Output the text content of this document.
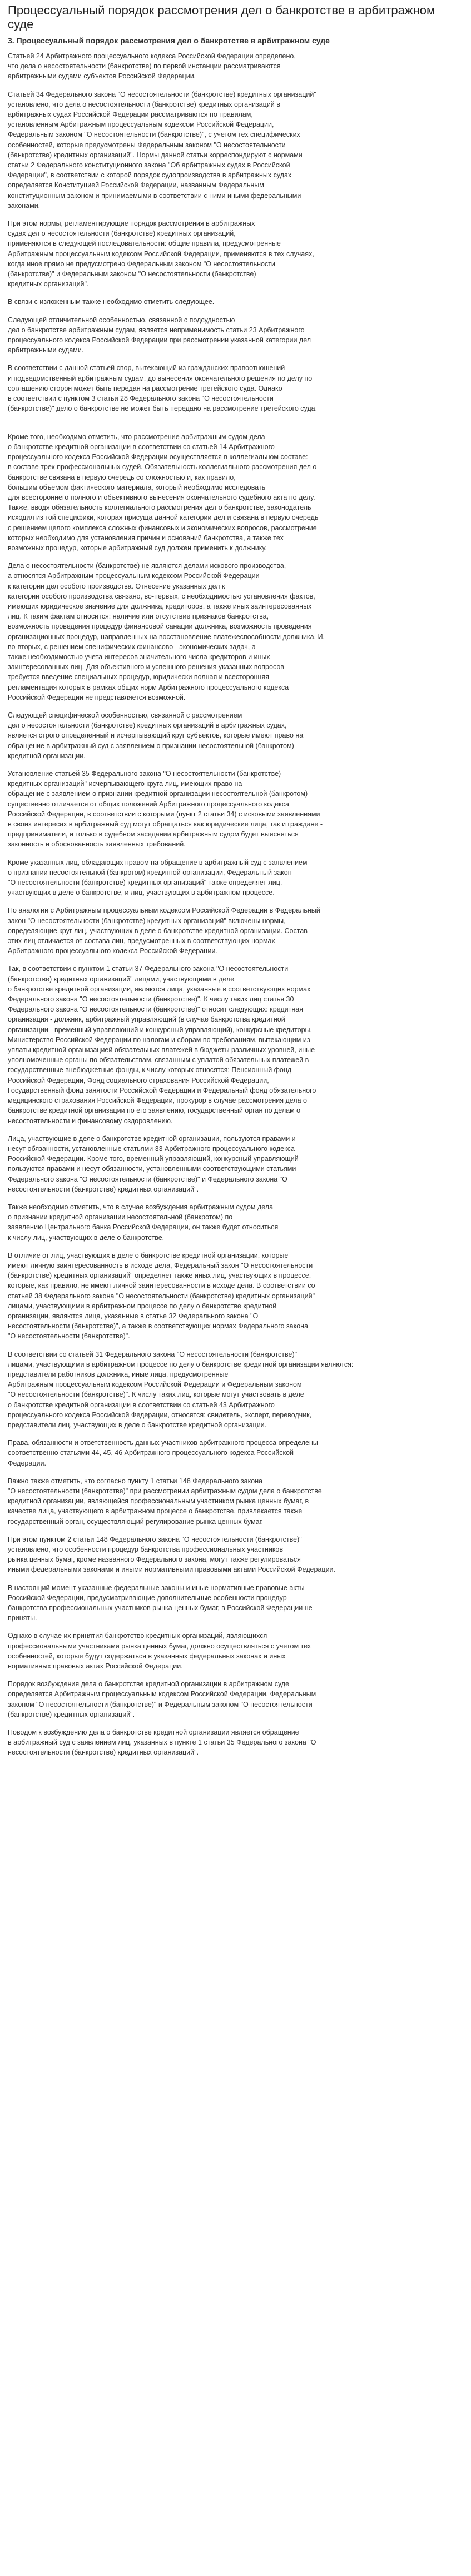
Процессуальный порядок рассмотрения дел о банкротстве в арбитражном суде
3. Процессуальный порядок рассмотрения дел о банкротстве в арбитражном суде

Статьей 24 Арбитражного процессуального кодекса Российской Федерации определено,
что дела о несостоятельности (банкротстве) по первой инстанции рассматриваются
арбитражными судами субъектов Российской Федерации.

Статьей 34 Федерального закона "О несостоятельности (банкротстве) кредитных организаций"
установлено, что дела о несостоятельности (банкротстве) кредитных организаций в
арбитражных судах Российской Федерации рассматриваются по правилам,
установленным Арбитражным процессуальным кодексом Российской Федерации,
Федеральным законом "О несостоятельности (банкротстве)", с учетом тех специфических
особенностей, которые предусмотрены Федеральным законом "О несостоятельности
(банкротстве) кредитных организаций". Нормы данной статьи корреспондируют с нормами
статьи 2 Федерального конституционного закона "Об арбитражных судах в Российской
Федерации", в соответствии с которой порядок судопроизводства в арбитражных судах
определяется Конституцией Российской Федерации, названным Федеральным
конституционным законом и принимаемыми в соответствии с ними иными федеральными
законами.

При этом нормы, регламентирующие порядок рассмотрения в арбитражных
судах дел о несостоятельности (банкротстве) кредитных организаций,
применяются в следующей последовательности: общие правила, предусмотренные
Арбитражным процессуальным кодексом Российской Федерации, применяются в тех случаях,
когда иное прямо не предусмотрено Федеральным законом "О несостоятельности
(банкротстве)" и Федеральным законом "О несостоятельности (банкротстве)
кредитных организаций".

В связи с изложенным также необходимо отметить следующее.

Следующей отличительной особенностью, связанной с подсудностью
дел о банкротстве арбитражным судам, является неприменимость статьи 23 Арбитражного
процессуального кодекса Российской Федерации при рассмотрении указанной категории дел
арбитражными судами.

В соответствии с данной статьей спор, вытекающий из гражданских правоотношений
и подведомственный арбитражным судам, до вынесения окончательного решения по делу по
соглашению сторон может быть передан на рассмотрение третейского суда. Однако
в соответствии с пунктом 3 статьи 28 Федерального закона "О несостоятельности
(банкротстве)" дело о банкротстве не может быть передано на рассмотрение третейского суда.

Кроме того, необходимо отметить, что рассмотрение арбитражным судом дела
о банкротстве кредитной организации в соответствии со статьей 14 Арбитражного
процессуального кодекса Российской Федерации осуществляется в коллегиальном составе:
в составе трех профессиональных судей. Обязательность коллегиального рассмотрения дел о
банкротстве связана в первую очередь со сложностью и, как правило,
большим объемом фактического материала, который необходимо исследовать
для всестороннего полного и объективного вынесения окончательного судебного акта по делу.
Также, вводя обязательность коллегиального рассмотрения дел о банкротстве, законодатель
исходил из той специфики, которая присуща данной категории дел и связана в первую очередь
с решением целого комплекса сложных финансовых и экономических вопросов, рассмотрение
которых необходимо для установления причин и оснований банкротства, а также тех
возможных процедур, которые арбитражный суд должен применить к должнику.

Дела о несостоятельности (банкротстве) не являются делами искового производства,
а относятся Арбитражным процессуальным кодексом Российской Федерации
к категории дел особого производства. Отнесение указанных дел к
категории особого производства связано, во-первых, с необходимостью установления фактов,
имеющих юридическое значение для должника, кредиторов, а также иных заинтересованных
лиц. К таким фактам относится: наличие или отсутствие признаков банкротства,
возможность проведения процедур финансовой санации должника, возможность проведения
организационных процедур, направленных на восстановление платежеспособности должника. И,
во-вторых, с решением специфических финансово - экономических задач, а
также необходимостью учета интересов значительного числа кредиторов и иных
заинтересованных лиц. Для объективного и успешного решения указанных вопросов
требуется введение специальных процедур, юридически полная и всесторонняя
регламентация которых в рамках общих норм Арбитражного процессуального кодекса
Российской Федерации не представляется возможной.

Следующей специфической особенностью, связанной с рассмотрением
дел о несостоятельности (банкротстве) кредитных организаций в арбитражных судах,
является строго определенный и исчерпывающий круг субъектов, которые имеют право на
обращение в арбитражный суд с заявлением о признании несостоятельной (банкротом)
кредитной организации.

Установление статьей 35 Федерального закона "О несостоятельности (банкротстве)
кредитных организаций" исчерпывающего круга лиц, имеющих право на
обращение с заявлением о признании кредитной организации несостоятельной (банкротом)
существенно отличается от общих положений Арбитражного процессуального кодекса
Российской Федерации, в соответствии с которыми (пункт 2 статьи 34) с исковыми заявлениями
в своих интересах в арбитражный суд могут обращаться как юридические лица, так и граждане -
предприниматели, и только в судебном заседании арбитражным судом будет выясняться
законность и обоснованность заявленных требований.

Кроме указанных лиц, обладающих правом на обращение в арбитражный суд с заявлением
о признании несостоятельной (банкротом) кредитной организации, Федеральный закон
"О несостоятельности (банкротстве) кредитных организаций" также определяет лиц,
участвующих в деле о банкротстве, и лиц, участвующих в арбитражном процессе.

По аналогии с Арбитражным процессуальным кодексом Российской Федерации в Федеральный
закон "О несостоятельности (банкротстве) кредитных организаций" включены нормы,
определяющие круг лиц, участвующих в деле о банкротстве кредитной организации. Состав
этих лиц отличается от состава лиц, предусмотренных в соответствующих нормах
Арбитражного процессуального кодекса Российской Федерации.

Так, в соответствии с пунктом 1 статьи 37 Федерального закона "О несостоятельности
(банкротстве) кредитных организаций" лицами, участвующими в деле
о банкротстве кредитной организации, являются лица, указанные в соответствующих нормах
Федерального закона "О несостоятельности (банкротстве)". К числу таких лиц статья 30
Федерального закона "О несостоятельности (банкротстве)" относит следующих: кредитная
организация - должник, арбитражный управляющий (в случае банкротства кредитной
организации - временный управляющий и конкурсный управляющий), конкурсные кредиторы,
Министерство Российской Федерации по налогам и сборам по требованиям, вытекающим из
уплаты кредитной организацией обязательных платежей в бюджеты различных уровней, иные
уполномоченные органы по обязательствам, связанным с уплатой обязательных платежей в
государственные внебюджетные фонды, к числу которых относятся: Пенсионный фонд
Российской Федерации, Фонд социального страхования Российской Федерации,
Государственный фонд занятости Российской Федерации и Федеральный фонд обязательного
медицинского страхования Российской Федерации, прокурор в случае рассмотрения дела о
банкротстве кредитной организации по его заявлению, государственный орган по делам о
несостоятельности и финансовому оздоровлению.

Лица, участвующие в деле о банкротстве кредитной организации, пользуются правами и
несут обязанности, установленные статьями 33 Арбитражного процессуального кодекса
Российской Федерации. Кроме того, временный управляющий, конкурсный управляющий
пользуются правами и несут обязанности, установленными соответствующими статьями
Федерального закона "О несостоятельности (банкротстве)" и Федерального закона "О
несостоятельности (банкротстве) кредитных организаций".

Также необходимо отметить, что в случае возбуждения арбитражным судом дела
о признании кредитной организации несостоятельной (банкротом) по
заявлению Центрального банка Российской Федерации, он также будет относиться
к числу лиц, участвующих в деле о банкротстве.

В отличие от лиц, участвующих в деле о банкротстве кредитной организации, которые
имеют личную заинтересованность в исходе дела, Федеральный закон "О несостоятельности
(банкротстве) кредитных организаций" определяет также иных лиц, участвующих в процессе,
которые, как правило, не имеют личной заинтересованности в исходе дела. В соответствии со
статьей 38 Федерального закона "О несостоятельности (банкротстве) кредитных организаций"
лицами, участвующими в арбитражном процессе по делу о банкротстве кредитной
организации, являются лица, указанные в статье 32 Федерального закона "О
несостоятельности (банкротстве)", а также в соответствующих нормах Федерального закона
"О несостоятельности (банкротстве)".

В соответствии со статьей 31 Федерального закона "О несостоятельности (банкротстве)"
лицами, участвующими в арбитражном процессе по делу о банкротстве кредитной организации являются:
представители работников должника, иные лица, предусмотренные
Арбитражным процессуальным кодексом Российской Федерации и Федеральным законом
"О несостоятельности (банкротстве)". К числу таких лиц, которые могут участвовать в деле
о банкротстве кредитной организации в соответствии со статьей 43 Арбитражного
процессуального кодекса Российской Федерации, относятся: свидетель, эксперт, переводчик,
представители лиц, участвующих в деле о банкротстве кредитной организации.

Права, обязанности и ответственность данных участников арбитражного процесса определены
соответственно статьями 44, 45, 46 Арбитражного процессуального кодекса Российской
Федерации.

Важно также отметить, что согласно пункту 1 статьи 148 Федерального закона
"О несостоятельности (банкротстве)" при рассмотрении арбитражным судом дела о банкротстве
кредитной организации, являющейся профессиональным участником рынка ценных бумаг, в
качестве лица, участвующего в арбитражном процессе о банкротстве, привлекается также
государственный орган, осуществляющий регулирование рынка ценных бумаг.

При этом пунктом 2 статьи 148 Федерального закона "О несостоятельности (банкротстве)"
установлено, что особенности процедур банкротства профессиональных участников
рынка ценных бумаг, кроме названного Федерального закона, могут также регулироваться
иными федеральными законами и иными нормативными правовыми актами Российской Федерации.

В настоящий момент указанные федеральные законы и иные нормативные правовые акты
Российской Федерации, предусматривающие дополнительные особенности процедур
банкротства профессиональных участников рынка ценных бумаг, в Российской Федерации не
приняты.

Однако в случае их принятия банкротство кредитных организаций, являющихся
профессиональными участниками рынка ценных бумаг, должно осуществляться с учетом тех
особенностей, которые будут содержаться в указанных федеральных законах и иных
нормативных правовых актах Российской Федерации.

Порядок возбуждения дела о банкротстве кредитной организации в арбитражном суде
определяется Арбитражным процессуальным кодексом Российской Федерации, Федеральным
законом "О несостоятельности (банкротстве)" и Федеральным законом "О несостоятельности
(банкротстве) кредитных организаций".

Поводом к возбуждению дела о банкротстве кредитной организации является обращение
в арбитражный суд с заявлением лиц, указанных в пункте 1 статьи 35 Федерального закона "О
несостоятельности (банкротстве) кредитных организаций".
